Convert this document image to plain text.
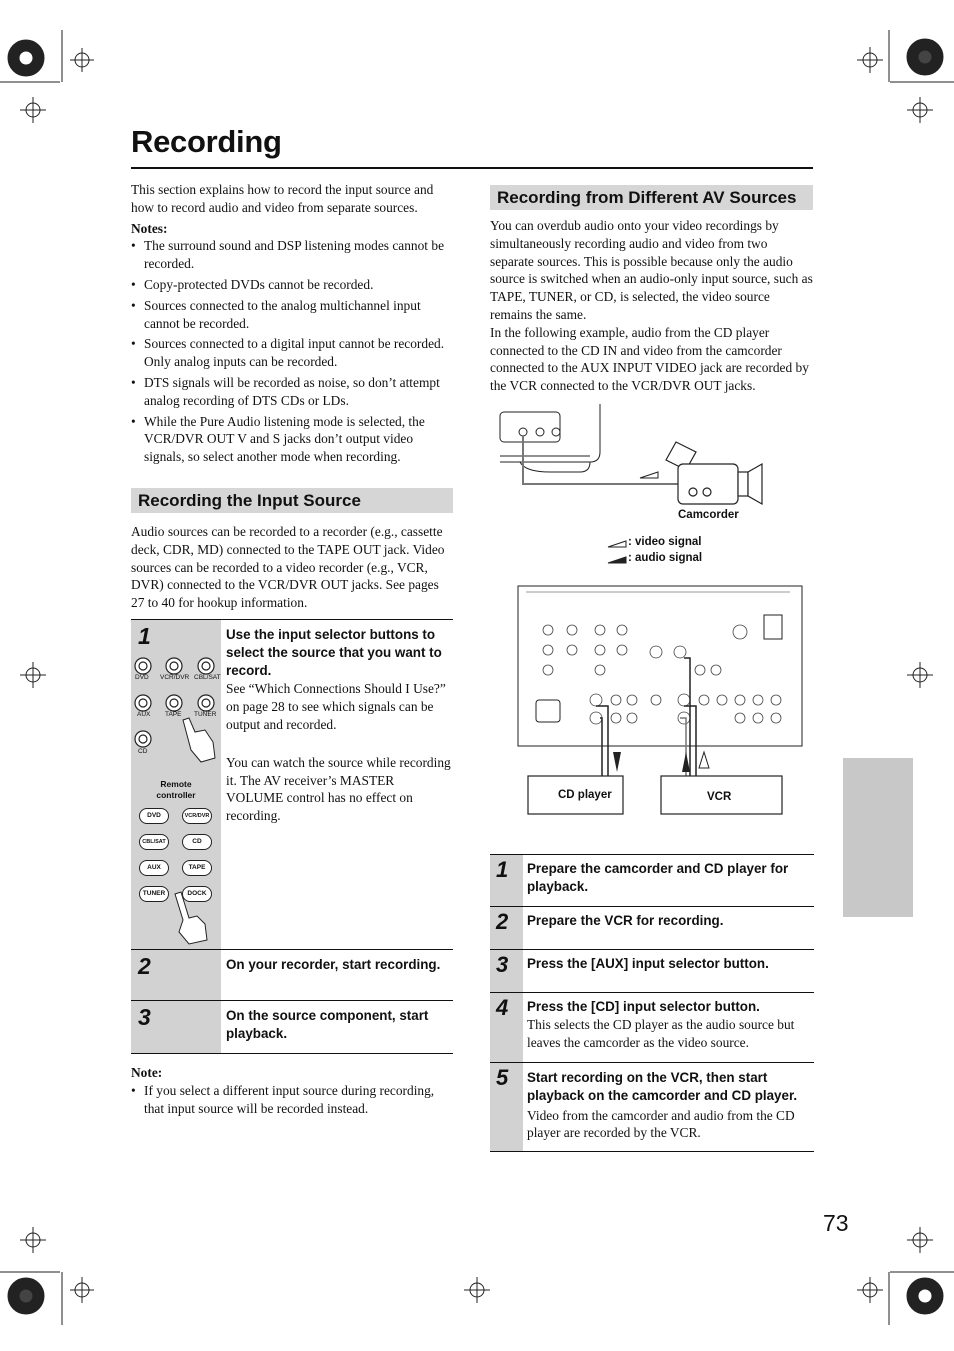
Recording
This section explains how to record the input source and how to record audio and video from separate sources.
Notes:
• The surround sound and DSP listening modes cannot be recorded.
• Copy-protected DVDs cannot be recorded.
• Sources connected to the analog multichannel input cannot be recorded.
• Sources connected to a digital input cannot be recorded. Only analog inputs can be recorded.
• DTS signals will be recorded as noise, so don’t attempt analog recording of DTS CDs or LDs.
• While the Pure Audio listening mode is selected, the VCR/DVR OUT V and S jacks don’t output video signals, so select another mode when recording.
Recording the Input Source
Audio sources can be recorded to a recorder (e.g., cassette deck, CDR, MD) connected to the TAPE OUT jack. Video sources can be recorded to a video recorder (e.g., VCR, DVR) connected to the VCR/DVR OUT jacks. See pages 27 to 40 for hookup information.
1
DVD VCR/DVR CBL/SAT
AUX TAPE TUNER
CD
Remote
controller
DVD	VCR/DVR
CD
CBL/SAT
AUX	TAPE
TUNER	DOCK
Use the input selector buttons to select the source that you want to record.
See “Which Connections Should I Use?” on page 28 to see which signals can be output and recorded.
You can watch the source while recording it. The AV receiver’s MASTER VOLUME control has no effect on recording.
2	On your recorder, start recording.
3	On the source component, start playback.
Note:
• If you select a different input source during recording, that input source will be recorded instead.
Recording from Different AV Sources
You can overdub audio onto your video recordings by simultaneously recording audio and video from two separate sources. This is possible because only the audio source is switched when an audio-only input source, such as TAPE, TUNER, or CD, is selected, the video source remains the same.
In the following example, audio from the CD player connected to the CD IN and video from the camcorder connected to the AUX INPUT VIDEO jack are recorded by the VCR connected to the VCR/DVR OUT jacks.
Camcorder
: video signal
: audio signal
CD player	VCR
1 Prepare the camcorder and CD player for playback.
2 Prepare the VCR for recording.
3 Press the [AUX] input selector button.
4 Press the [CD] input selector button.
This selects the CD player as the audio source but leaves the camcorder as the video source.
5 Start recording on the VCR, then start playback on the camcorder and CD player.
Video from the camcorder and audio from the CD player are recorded by the VCR.
73
